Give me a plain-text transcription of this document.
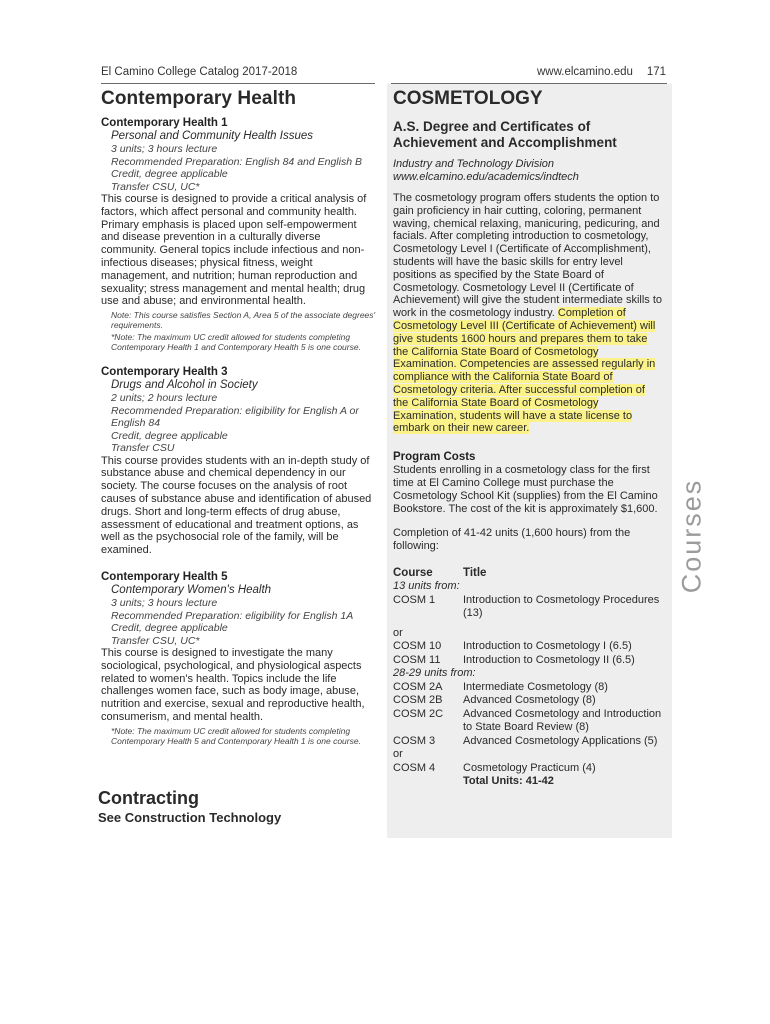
El Camino College Catalog 2017-2018	www.elcamino.edu 171
Contemporary Health
Contemporary Health 1
Personal and Community Health Issues
3 units; 3 hours lecture
Recommended Preparation: English 84 and English B
Credit, degree applicable
Transfer CSU, UC*

This course is designed to provide a critical analysis of factors, which affect personal and community health. Primary emphasis is placed upon self-empowerment and disease prevention in a culturally diverse community. General topics include infectious and non-infectious diseases; physical fitness, weight management, and nutrition; human reproduction and sexuality; stress management and mental health; drug use and abuse; and environmental health.

Note: This course satisfies Section A, Area 5 of the associate degrees' requirements.
*Note: The maximum UC credit allowed for students completing Contemporary Health 1 and Contemporary Health 5 is one course.
Contemporary Health 3
Drugs and Alcohol in Society
2 units; 2 hours lecture
Recommended Preparation: eligibility for English A or
English 84
Credit, degree applicable
Transfer CSU

This course provides students with an in-depth study of substance abuse and chemical dependency in our society. The course focuses on the analysis of root causes of substance abuse and identification of abused drugs. Short and long-term effects of drug abuse, assessment of educational and treatment options, as well as the psychosocial role of the family, will be examined.

Contemporary Health 5
Contemporary Women's Health
3 units; 3 hours lecture
Recommended Preparation: eligibility for English 1A
Credit, degree applicable
Transfer CSU, UC*

This course is designed to investigate the many sociological, psychological, and physiological aspects related to women's health. Topics include the life challenges women face, such as body image, abuse, nutrition and exercise, sexual and reproductive health, consumerism, and mental health.

*Note: The maximum UC credit allowed for students completing Contemporary Health 5 and Contemporary Health 1 is one course.
Contracting
See Construction Technology
COSMETOLOGY
A.S. Degree and Certificates of Achievement and Accomplishment
Industry and Technology Division
www.elcamino.edu/academics/indtech

The cosmetology program offers students the option to gain proficiency in hair cutting, coloring, permanent waving, chemical relaxing, manicuring, pedicuring, and facials. After completing introduction to cosmetology, Cosmetology Level I (Certificate of Accomplishment), students will have the basic skills for entry level positions as specified by the State Board of Cosmetology. Cosmetology Level II (Certificate of Achievement) will give the student intermediate skills to work in the cosmetology industry. Completion of Cosmetology Level III (Certificate of Achievement) will give students 1600 hours and prepares them to take the California State Board of Cosmetology Examination. Competencies are assessed regularly in compliance with the California State Board of Cosmetology criteria. After successful completion of the California State Board of Cosmetology Examination, students will have a state license to embark on their new career.

Program Costs

Students enrolling in a cosmetology class for the first time at El Camino College must purchase the Cosmetology School Kit (supplies) from the El Camino Bookstore. The cost of the kit is approximately $1,600.

Completion of 41-42 units (1,600 hours) from the following:

Course	Title
13 units from:	
COSM 1	Introduction to Cosmetology Procedures (13)
or	
COSM 10	Introduction to Cosmetology I (6.5)
COSM 11	Introduction to Cosmetology II (6.5)
28-29 units from:	
COSM 2A	Intermediate Cosmetology (8)
COSM 2B	Advanced Cosmetology (8)
COSM 2C	Advanced Cosmetology and Introduction to State Board Review (8)
COSM 3	Advanced Cosmetology Applications (5)
or	
COSM 4	Cosmetology Practicum (4)
	Total Units: 41-42
Courses
